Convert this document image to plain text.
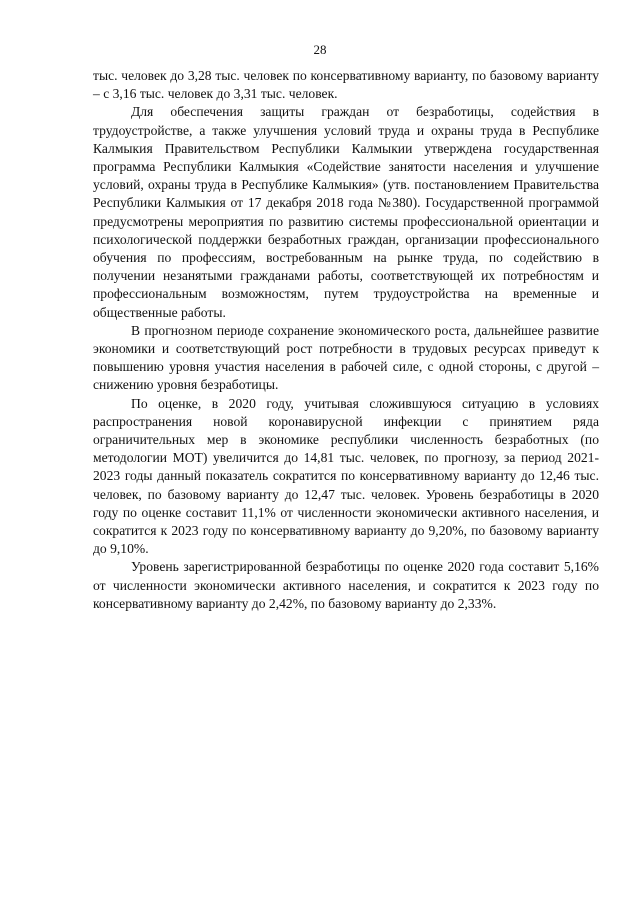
28

тыс. человек до 3,28 тыс. человек по консервативному варианту, по базовому варианту – с 3,16 тыс. человек до 3,31 тыс. человек.

Для обеспечения защиты граждан от безработицы, содействия в трудоустройстве, а также улучшения условий труда и охраны труда в Республике Калмыкия Правительством Республики Калмыкии утверждена государственная программа Республики Калмыкия «Содействие занятости населения и улучшение условий, охраны труда в Республике Калмыкия» (утв. постановлением Правительства Республики Калмыкия от 17 декабря 2018 года №380). Государственной программой предусмотрены мероприятия по развитию системы профессиональной ориентации и психологической поддержки безработных граждан, организации профессионального обучения по профессиям, востребованным на рынке труда, по содействию в получении незанятыми гражданами работы, соответствующей их потребностям и профессиональным возможностям, путем трудоустройства на временные и общественные работы.

В прогнозном периоде сохранение экономического роста, дальнейшее развитие экономики и соответствующий рост потребности в трудовых ресурсах приведут к повышению уровня участия населения в рабочей силе, с одной стороны, с другой – снижению уровня безработицы.

По оценке, в 2020 году, учитывая сложившуюся ситуацию в условиях распространения новой коронавирусной инфекции с принятием ряда ограничительных мер в экономике республики численность безработных (по методологии МОТ) увеличится до 14,81 тыс. человек, по прогнозу, за период 2021-2023 годы данный показатель сократится по консервативному варианту до 12,46 тыс. человек, по базовому варианту до 12,47 тыс. человек. Уровень безработицы в 2020 году по оценке составит 11,1% от численности экономически активного населения, и сократится к 2023 году по консервативному варианту до 9,20%, по базовому варианту до 9,10%.

Уровень зарегистрированной безработицы по оценке 2020 года составит 5,16% от численности экономически активного населения, и сократится к 2023 году по консервативному варианту до 2,42%, по базовому варианту до 2,33%.
